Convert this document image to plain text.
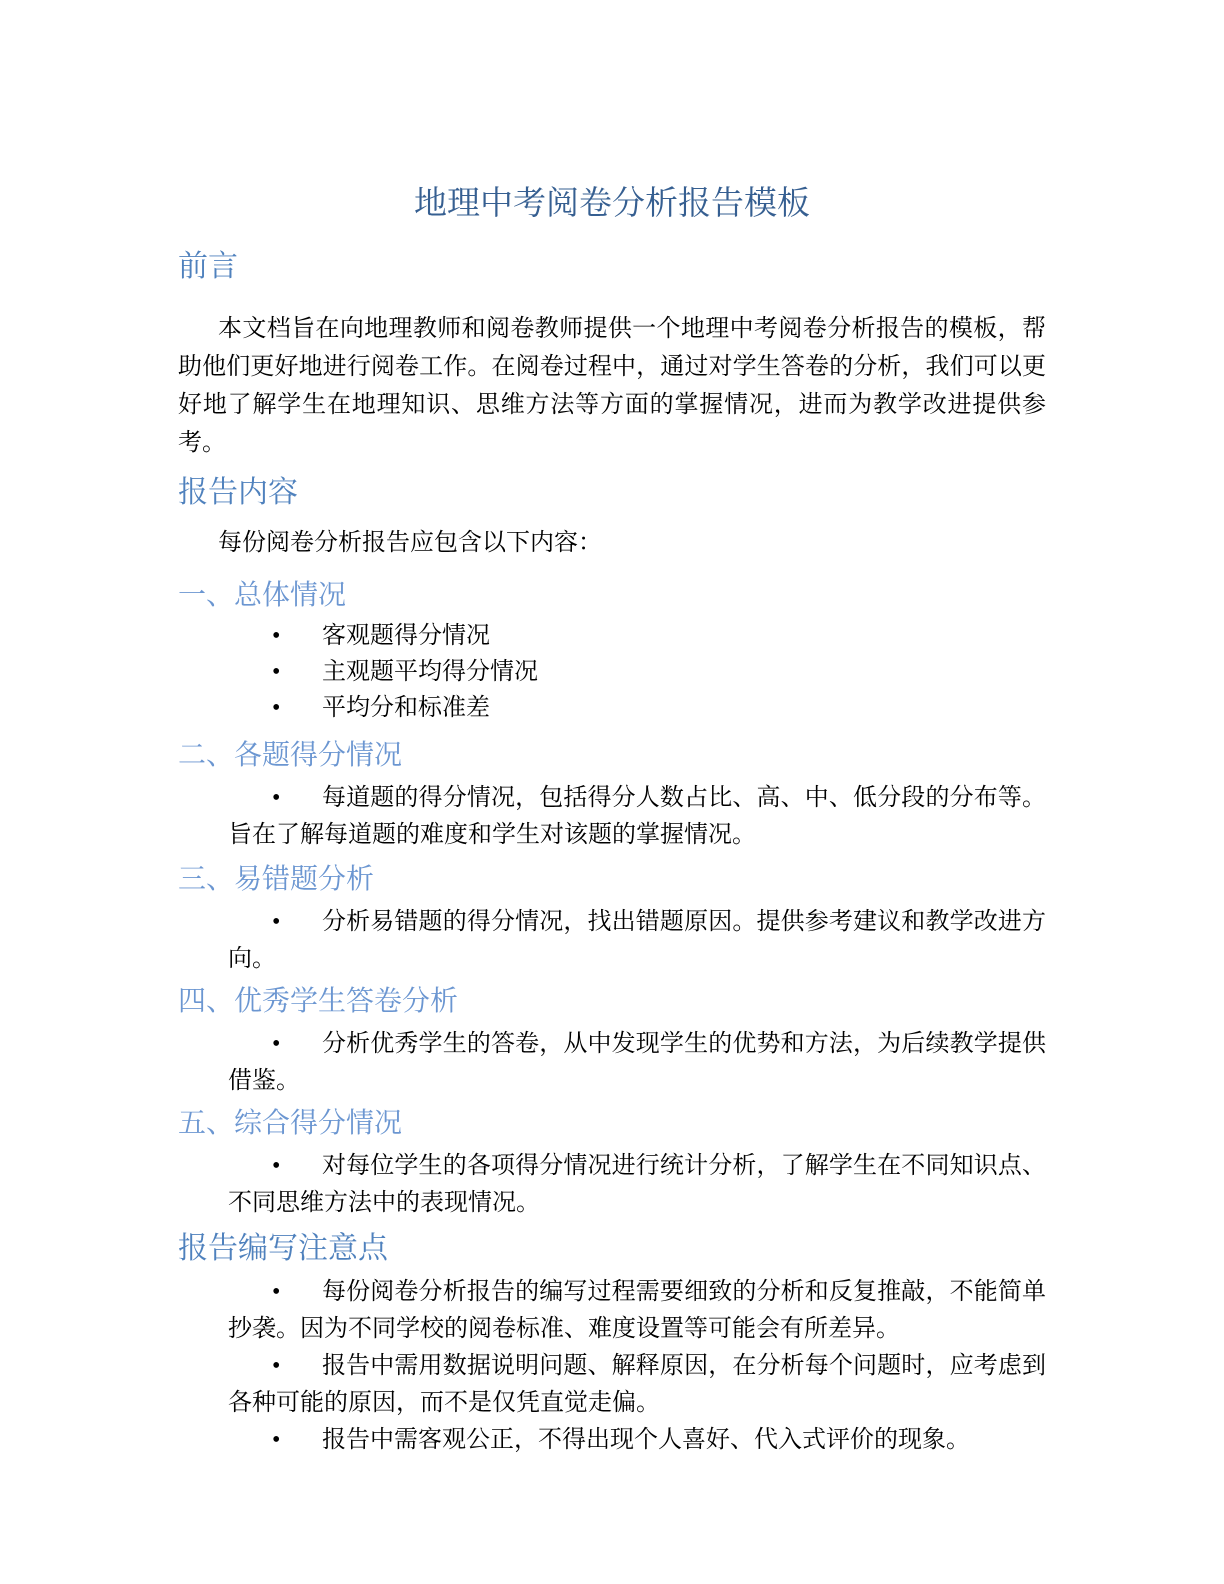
地理中考阅卷分析报告模板
前言

本文档旨在向地理教师和阅卷教师提供一个地理中考阅卷分析报告的模板，帮助他们更好地进行阅卷工作。在阅卷过程中，通过对学生答卷的分析，我们可以更好地了解学生在地理知识、思维方法等方面的掌握情况，进而为教学改进提供参考。

报告内容

每份阅卷分析报告应包含以下内容：

一、总体情况

• 客观题得分情况

• 主观题平均得分情况

• 平均分和标准差

二、各题得分情况

• 每道题的得分情况，包括得分人数占比、高、中、低分段的分布等。旨在了解每道题的难度和学生对该题的掌握情况。

三、易错题分析

• 分析易错题的得分情况，找出错题原因。提供参考建议和教学改进方向。

四、优秀学生答卷分析

• 分析优秀学生的答卷，从中发现学生的优势和方法，为后续教学提供借鉴。

五、综合得分情况

• 对每位学生的各项得分情况进行统计分析，了解学生在不同知识点、不同思维方法中的表现情况。

报告编写注意点

• 每份阅卷分析报告的编写过程需要细致的分析和反复推敲，不能简单抄袭。因为不同学校的阅卷标准、难度设置等可能会有所差异。

• 报告中需用数据说明问题、解释原因，在分析每个问题时，应考虑到各种可能的原因，而不是仅凭直觉走偏。

• 报告中需客观公正，不得出现个人喜好、代入式评价的现象。
